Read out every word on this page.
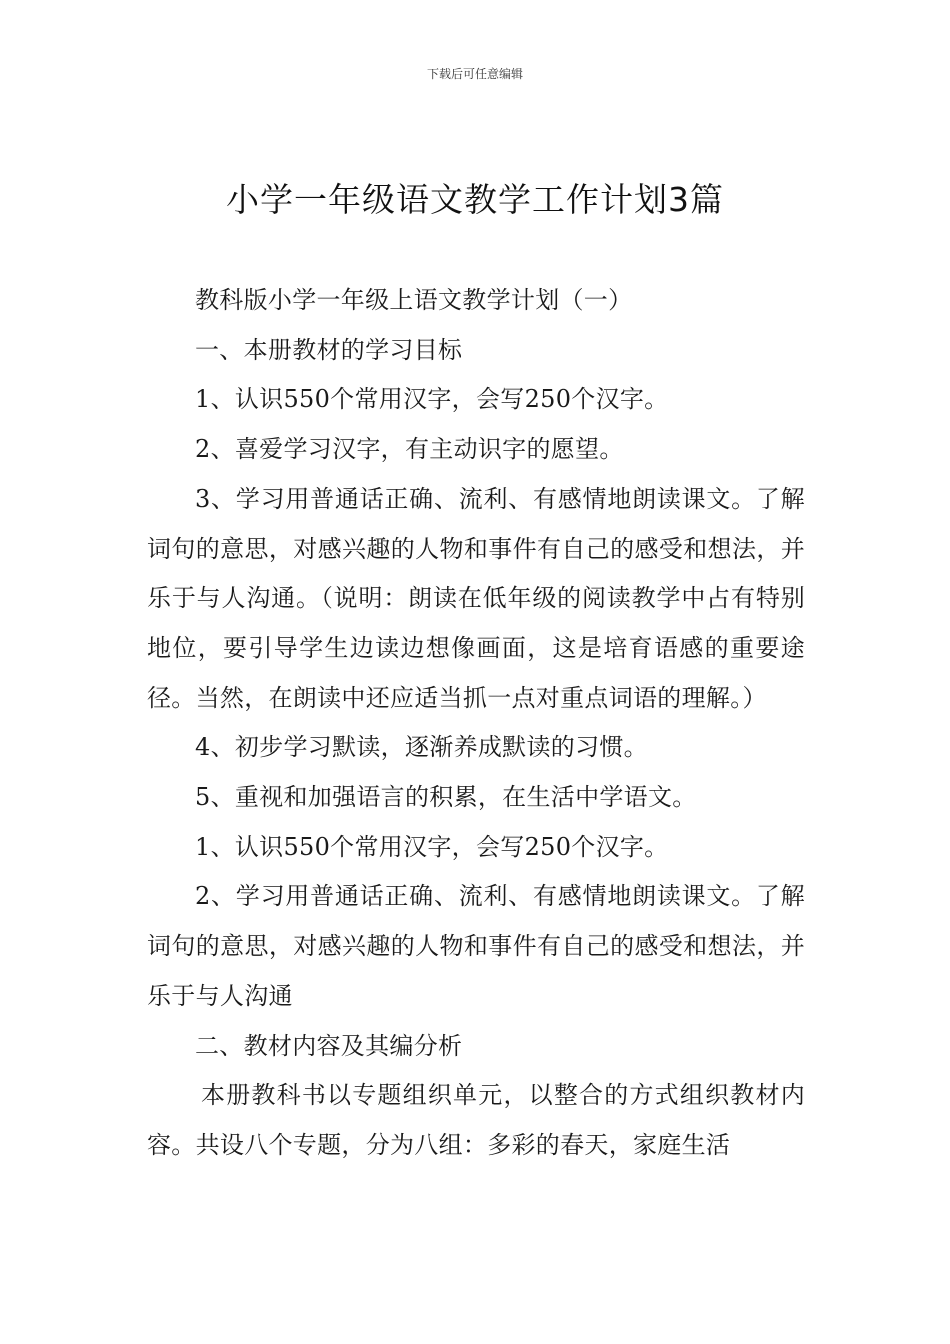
下载后可任意编辑
小学一年级语文教学工作计划3篇

教科版小学一年级上语文教学计划（一）

一、本册教材的学习目标

1、认识550个常用汉字，会写250个汉字。

2、喜爱学习汉字，有主动识字的愿望。

3、学习用普通话正确、流利、有感情地朗读课文。了解词句的意思，对感兴趣的人物和事件有自己的感受和想法，并乐于与人沟通。（说明：朗读在低年级的阅读教学中占有特别地位，要引导学生边读边想像画面，这是培育语感的重要途径。当然，在朗读中还应适当抓一点对重点词语的理解。）

4、初步学习默读，逐渐养成默读的习惯。

5、重视和加强语言的积累，在生活中学语文。

1、认识550个常用汉字，会写250个汉字。

2、学习用普通话正确、流利、有感情地朗读课文。了解词句的意思，对感兴趣的人物和事件有自己的感受和想法，并乐于与人沟通

二、教材内容及其编分析

本册教科书以专题组织单元，以整合的方式组织教材内容。共设八个专题，分为八组：多彩的春天，家庭生活
